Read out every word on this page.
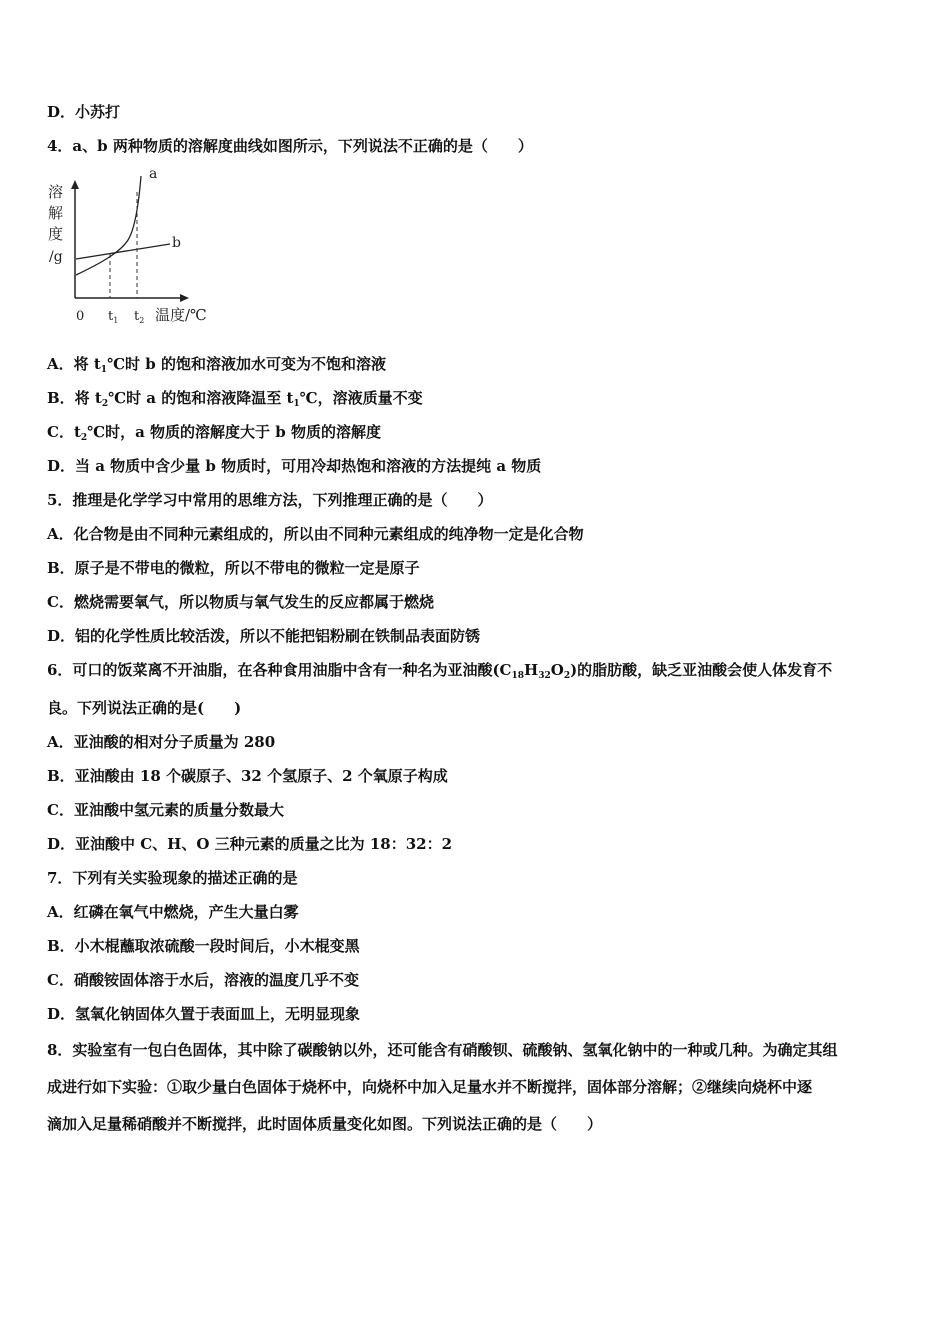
D．小苏打
4．a、b 两种物质的溶解度曲线如图所示，下列说法不正确的是（　　）
溶
解
度
/g
a
b
0 $t_1$ $t_2$ 温度/℃
A．将 $t_1℃$时 b 的饱和溶液加水可变为不饱和溶液
B．将 $t_2℃$时 a 的饱和溶液降温至 $t_1℃$，溶液质量不变
C．$t_2℃$时，a 物质的溶解度大于 b 物质的溶解度
D．当 a 物质中含少量 b 物质时，可用冷却热饱和溶液的方法提纯 a 物质
5．推理是化学学习中常用的思维方法，下列推理正确的是（　　）
A．化合物是由不同种元素组成的，所以由不同种元素组成的纯净物一定是化合物
B．原子是不带电的微粒，所以不带电的微粒一定是原子
C．燃烧需要氧气，所以物质与氧气发生的反应都属于燃烧
D．铝的化学性质比较活泼，所以不能把铝粉刷在铁制品表面防锈
6．可口的饭菜离不开油脂，在各种食用油脂中含有一种名为亚油酸$(C_{18}H_{32}O_2)$的脂肪酸，缺乏亚油酸会使人体发育不
良。下列说法正确的是(　　)
A．亚油酸的相对分子质量为 280
B．亚油酸由 18 个碳原子、32 个氢原子、2 个氧原子构成
C．亚油酸中氢元素的质量分数最大
D．亚油酸中 C、H、O 三种元素的质量之比为 18：32：2
7．下列有关实验现象的描述正确的是
A．红磷在氧气中燃烧，产生大量白雾
B．小木棍蘸取浓硫酸一段时间后，小木棍变黑
C．硝酸铵固体溶于水后，溶液的温度几乎不变
D．氢氧化钠固体久置于表面皿上，无明显现象
8．实验室有一包白色固体，其中除了碳酸钠以外，还可能含有硝酸钡、硫酸钠、氢氧化钠中的一种或几种。为确定其组
成进行如下实验：①取少量白色固体于烧杯中，向烧杯中加入足量水并不断搅拌，固体部分溶解；②继续向烧杯中逐
滴加入足量稀硝酸并不断搅拌，此时固体质量变化如图。下列说法正确的是（　　）
